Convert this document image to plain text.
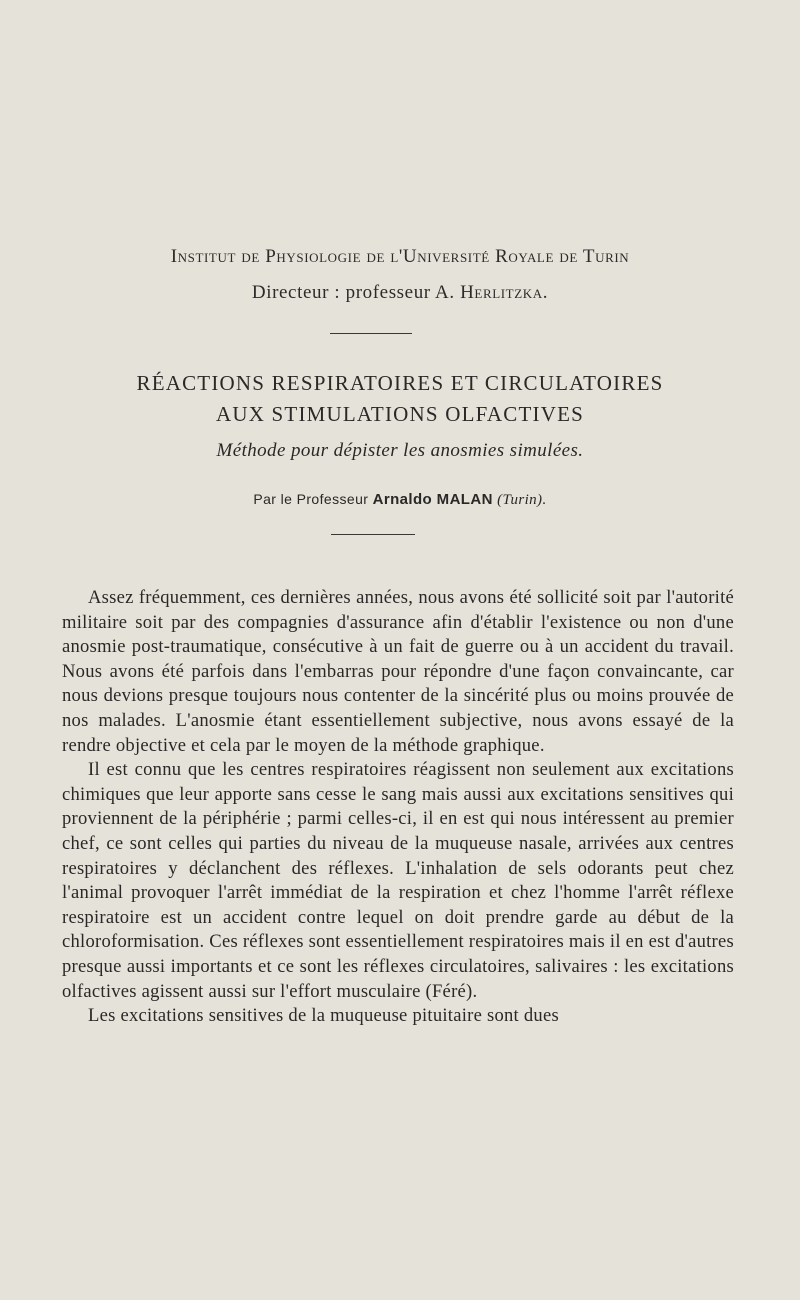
Institut de Physiologie de l'Université Royale de Turin
Directeur : professeur A. Herlitzka.
RÉACTIONS RESPIRATOIRES ET CIRCULATOIRES
AUX STIMULATIONS OLFACTIVES
Méthode pour dépister les anosmies simulées.
Par le Professeur Arnaldo MALAN (Turin).

Assez fréquemment, ces dernières années, nous avons été sollicité soit par l'autorité militaire soit par des compagnies d'assurance afin d'établir l'existence ou non d'une anosmie post-traumatique, consécutive à un fait de guerre ou à un accident du travail. Nous avons été parfois dans l'embarras pour répondre d'une façon convaincante, car nous devions presque toujours nous contenter de la sincérité plus ou moins prouvée de nos malades. L'anosmie étant essentiellement subjective, nous avons essayé de la rendre objective et cela par le moyen de la méthode graphique.

Il est connu que les centres respiratoires réagissent non seulement aux excitations chimiques que leur apporte sans cesse le sang mais aussi aux excitations sensitives qui proviennent de la périphérie ; parmi celles-ci, il en est qui nous intéressent au premier chef, ce sont celles qui parties du niveau de la muqueuse nasale, arrivées aux centres respiratoires y déclanchent des réflexes. L'inhalation de sels odorants peut chez l'animal provoquer l'arrêt immédiat de la respiration et chez l'homme l'arrêt réflexe respiratoire est un accident contre lequel on doit prendre garde au début de la chloroformisation. Ces réflexes sont essentiellement respiratoires mais il en est d'autres presque aussi importants et ce sont les réflexes circulatoires, salivaires : les excitations olfactives agissent aussi sur l'effort musculaire (Féré).

Les excitations sensitives de la muqueuse pituitaire sont dues
